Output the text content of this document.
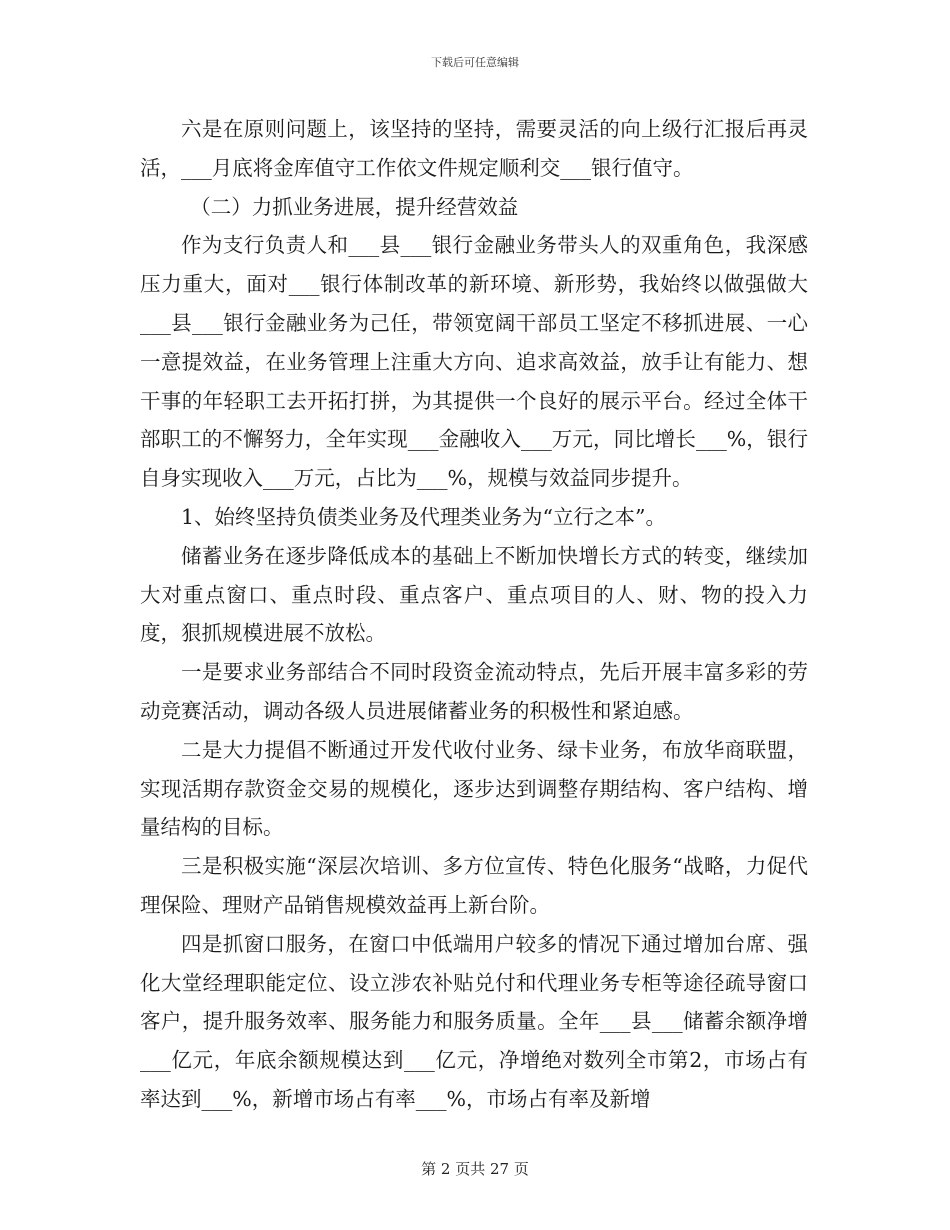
下载后可任意编辑

六是在原则问题上，该坚持的坚持，需要灵活的向上级行汇报后再灵活，___月底将金库值守工作依文件规定顺利交___银行值守。

（二）力抓业务进展，提升经营效益

作为支行负责人和___县___银行金融业务带头人的双重角色，我深感压力重大，面对___银行体制改革的新环境、新形势，我始终以做强做大___县___银行金融业务为己任，带领宽阔干部员工坚定不移抓进展、一心一意提效益，在业务管理上注重大方向、追求高效益，放手让有能力、想干事的年轻职工去开拓打拼，为其提供一个良好的展示平台。经过全体干部职工的不懈努力，全年实现___金融收入___万元，同比增长___%，银行自身实现收入___万元，占比为___%，规模与效益同步提升。

1、始终坚持负债类业务及代理类业务为“立行之本”。

储蓄业务在逐步降低成本的基础上不断加快增长方式的转变，继续加大对重点窗口、重点时段、重点客户、重点项目的人、财、物的投入力度，狠抓规模进展不放松。

一是要求业务部结合不同时段资金流动特点，先后开展丰富多彩的劳动竞赛活动，调动各级人员进展储蓄业务的积极性和紧迫感。

二是大力提倡不断通过开发代收付业务、绿卡业务，布放华商联盟，实现活期存款资金交易的规模化，逐步达到调整存期结构、客户结构、增量结构的目标。

三是积极实施“深层次培训、多方位宣传、特色化服务“战略，力促代理保险、理财产品销售规模效益再上新台阶。

四是抓窗口服务，在窗口中低端用户较多的情况下通过增加台席、强化大堂经理职能定位、设立涉农补贴兑付和代理业务专柜等途径疏导窗口客户，提升服务效率、服务能力和服务质量。全年___县___储蓄余额净增___亿元，年底余额规模达到___亿元，净增绝对数列全市第2，市场占有率达到___%，新增市场占有率___%，市场占有率及新增

第 2 页共 27 页
